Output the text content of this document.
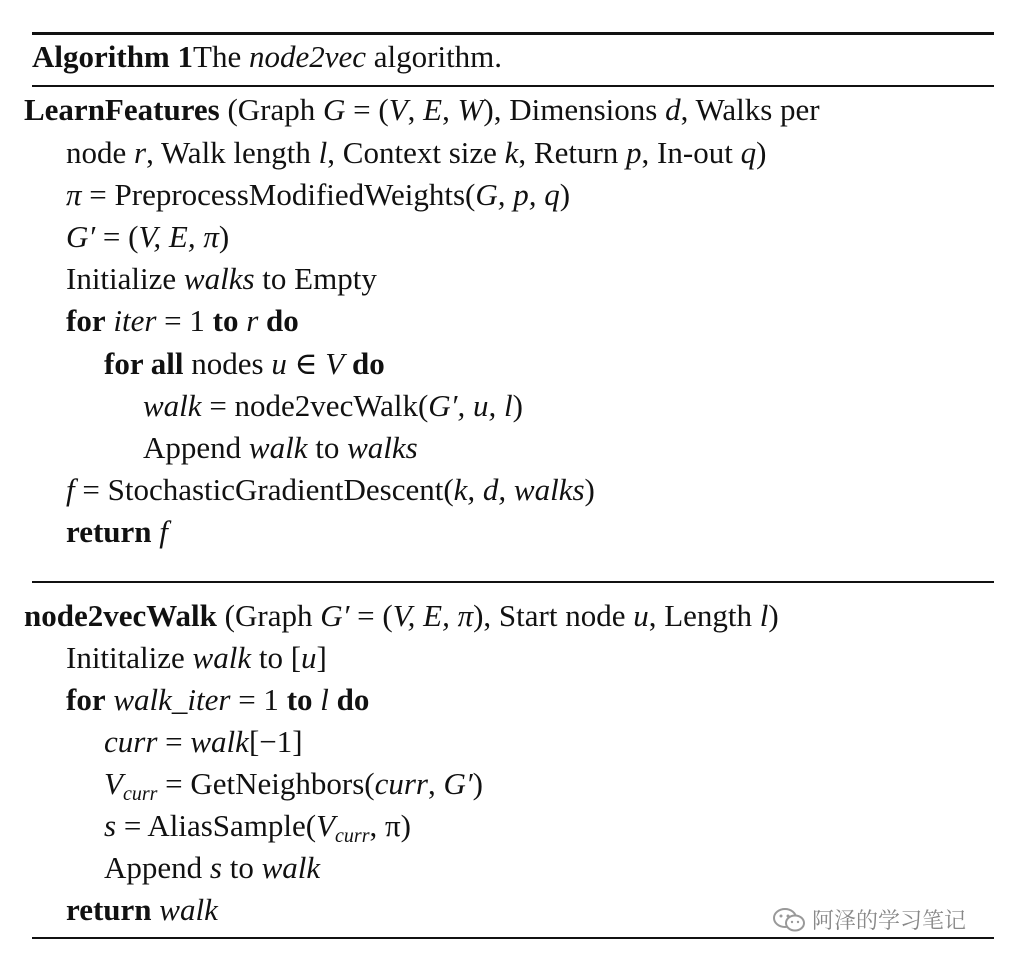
Algorithm 1The node2vec algorithm.
LearnFeatures (Graph G = (V, E, W), Dimensions d, Walks per
node r, Walk length l, Context size k, Return p, In-out q)
π = PreprocessModifiedWeights(G, p, q)
G′ = (V, E, π)
Initialize walks to Empty
for iter = 1 to r do
for all nodes u ∈ V do
walk = node2vecWalk(G′, u, l)
Append walk to walks
f = StochasticGradientDescent(k, d, walks)
return f
node2vecWalk (Graph G′ = (V, E, π), Start node u, Length l)
Inititalize walk to [u]
for walk_iter = 1 to l do
curr = walk[−1]
$V_{curr}$ = GetNeighbors(curr, G′)
$s = AliasSample(V_{curr}$, π)
Append s to walk
return walk	阿泽的学习笔记
